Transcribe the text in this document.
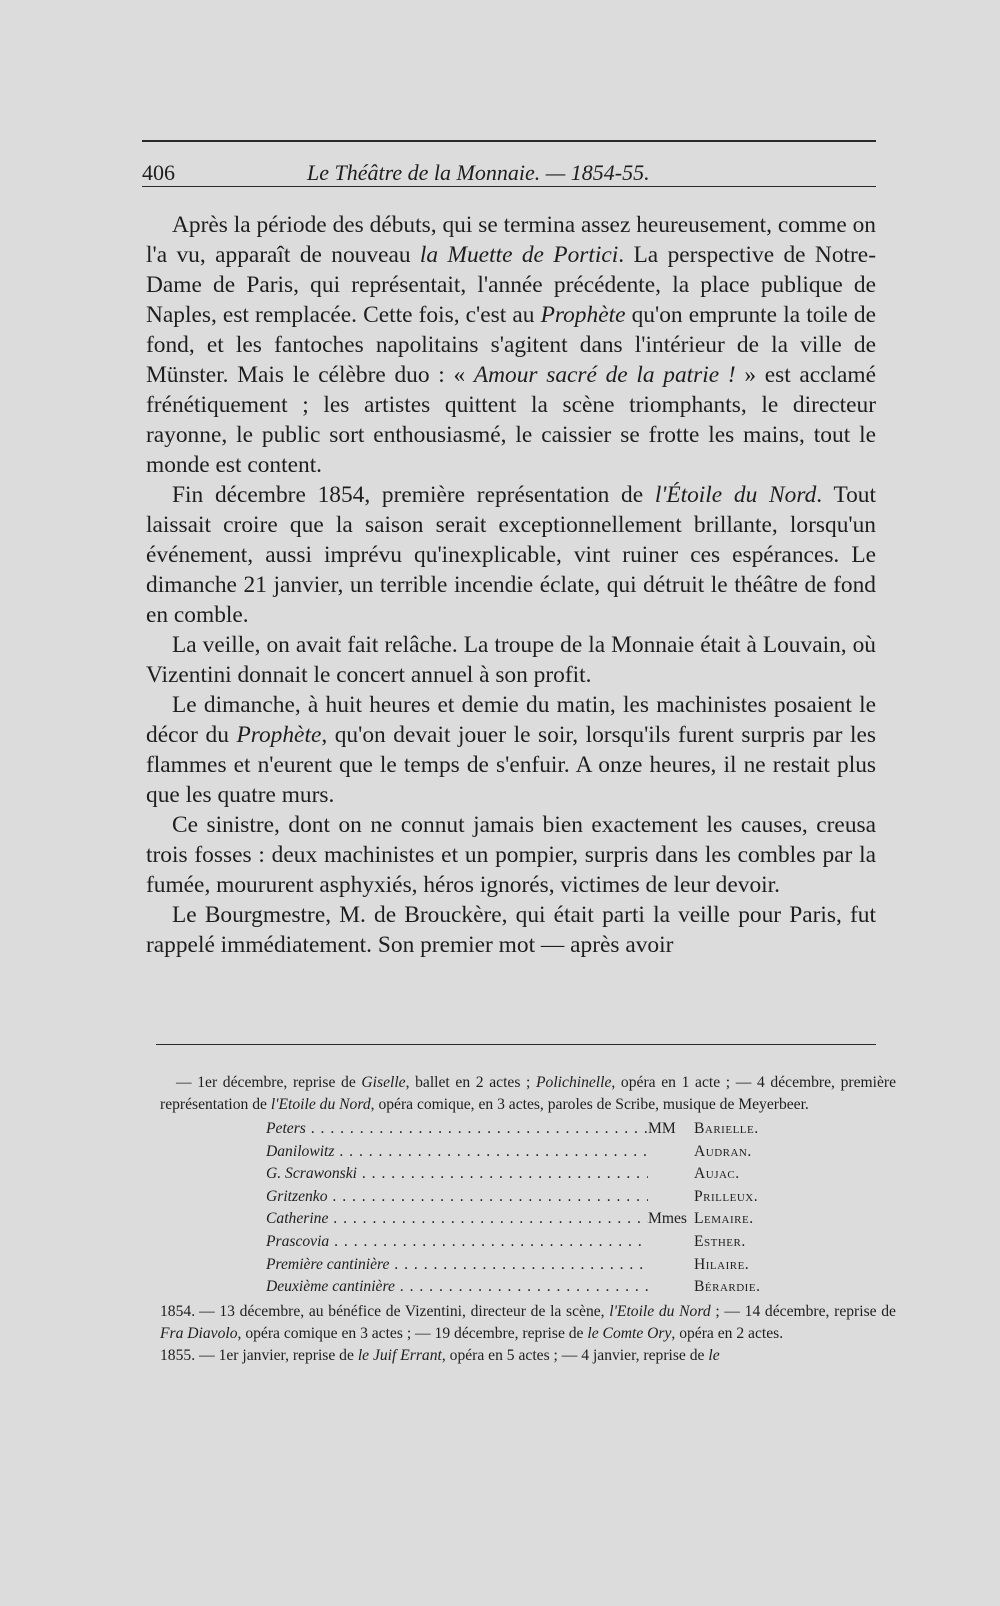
406	Le Théâtre de la Monnaie. — 1854-55.

Après la période des débuts, qui se termina assez heureusement, comme on l'a vu, apparaît de nouveau la Muette de Portici. La perspective de Notre-Dame de Paris, qui représentait, l'année précédente, la place publique de Naples, est remplacée. Cette fois, c'est au Prophète qu'on emprunte la toile de fond, et les fantoches napolitains s'agitent dans l'intérieur de la ville de Münster. Mais le célèbre duo : « Amour sacré de la patrie ! » est acclamé frénétiquement ; les artistes quittent la scène triomphants, le directeur rayonne, le public sort enthousiasmé, le caissier se frotte les mains, tout le monde est content.

Fin décembre 1854, première représentation de l'Étoile du Nord. Tout laissait croire que la saison serait exceptionnellement brillante, lorsqu'un événement, aussi imprévu qu'inexplicable, vint ruiner ces espérances. Le dimanche 21 janvier, un terrible incendie éclate, qui détruit le théâtre de fond en comble.

La veille, on avait fait relâche. La troupe de la Monnaie était à Louvain, où Vizentini donnait le concert annuel à son profit.

Le dimanche, à huit heures et demie du matin, les machinistes posaient le décor du Prophète, qu'on devait jouer le soir, lorsqu'ils furent surpris par les flammes et n'eurent que le temps de s'enfuir. A onze heures, il ne restait plus que les quatre murs.

Ce sinistre, dont on ne connut jamais bien exactement les causes, creusa trois fosses : deux machinistes et un pompier, surpris dans les combles par la fumée, moururent asphyxiés, héros ignorés, victimes de leur devoir.

Le Bourgmestre, M. de Brouckère, qui était parti la veille pour Paris, fut rappelé immédiatement. Son premier mot — après avoir

— 1er décembre, reprise de Giselle, ballet en 2 actes ; Polichinelle, opéra en 1 acte ; — 4 décembre, première représentation de l'Etoile du Nord, opéra comique, en 3 actes, paroles de Scribe, musique de Meyerbeer.

Peters . . .	MM	Barielle.
Danilowitz . . .	Audran.
G. Scrawonski . . .	Aujac.
Gritzenko . . .	Prilleux.
Catherine . . .	Mmes Lemaire.
Prascovia . . .	Esther.
Première cantinière . . .	Hilaire.
Deuxième cantinière . . .	Bérardie.

1854. — 13 décembre, au bénéfice de Vizentini, directeur de la scène, l'Etoile du Nord ; — 14 décembre, reprise de Fra Diavolo, opéra comique en 3 actes ; — 19 décembre, reprise de le Comte Ory, opéra en 2 actes.

1855. — 1er janvier, reprise de le Juif Errant, opéra en 5 actes ; — 4 janvier, reprise de le
